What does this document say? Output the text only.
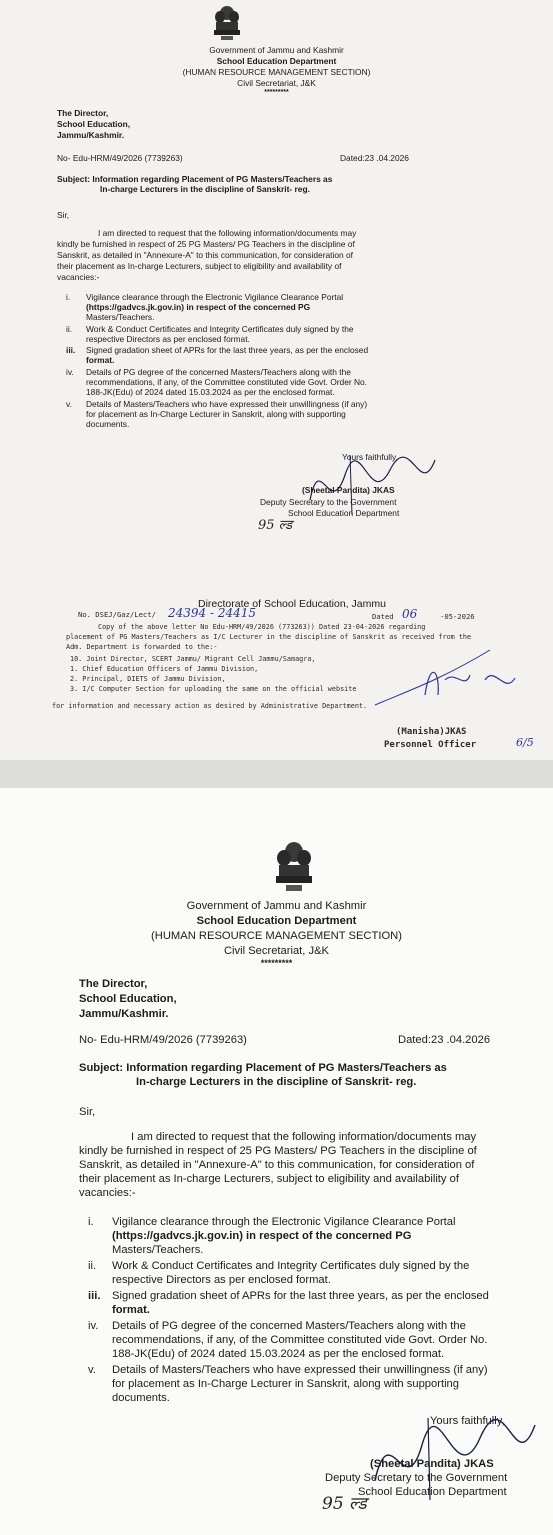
Government of Jammu and Kashmir
School Education Department
(HUMAN RESOURCE MANAGEMENT SECTION)
Civil Secretariat, J&K
*********
The Director,
School Education,
Jammu/Kashmir.
No- Edu-HRM/49/2026 (7739263)	Dated:23 .04.2026
Subject: Information regarding Placement of PG Masters/Teachers as
In-charge Lecturers in the discipline of Sanskrit- reg.
Sir,
I am directed to request that the following information/documents may
kindly be furnished in respect of 25 PG Masters/ PG Teachers in the discipline of
Sanskrit, as detailed in "Annexure-A" to this communication, for consideration of
their placement as In-charge Lecturers, subject to eligibility and availability of
vacancies:-
i. Vigilance clearance through the Electronic Vigilance Clearance Portal
(https://gadvcs.jk.gov.in) in respect of the concerned PG
Masters/Teachers.
ii. Work & Conduct Certificates and Integrity Certificates duly signed by the
respective Directors as per enclosed format.
iii. Signed gradation sheet of APRs for the last three years, as per the enclosed
format.
iv. Details of PG degree of the concerned Masters/Teachers along with the
recommendations, if any, of the Committee constituted vide Govt. Order No.
188-JK(Edu) of 2024 dated 15.03.2024 as per the enclosed format.
v. Details of Masters/Teachers who have expressed their unwillingness (if any)
for placement as In-Charge Lecturer in Sanskrit, along with supporting
documents.
Yours faithfully,
(Sheetal Pandita) JKAS
Deputy Secretary to the Government
School Education Department
95 ल्ड
Directorate of School Education, Jammu
No. DSEJ/Gaz/Lect/ 24394 - 24415	Dated 06	-05-2026
Copy of the above letter No Edu-HRM/49/2026 (773263)) Dated 23-04-2026 regarding
placement of PG Masters/Teachers as I/C Lecturer in the discipline of Sanskrit as received from the
Adm. Department is forwarded to the:-
10. Joint Director, SCERT Jammu/ Migrant Cell Jammu/Samagra,
1. Chief Education Officers of Jammu Division,
2. Principal, DIETS of Jammu Division,
3. I/C Computer Section for uploading the same on the official website
for information and necessary action as desired by Administrative Department.
(Manisha)JKAS
Personnel Officer	6/5
Government of Jammu and Kashmir
School Education Department
(HUMAN RESOURCE MANAGEMENT SECTION)
Civil Secretariat, J&K
*********
The Director,
School Education,
Jammu/Kashmir.
No- Edu-HRM/49/2026 (7739263)	Dated:23 .04.2026
Subject: Information regarding Placement of PG Masters/Teachers as
In-charge Lecturers in the discipline of Sanskrit- reg.
Sir,
I am directed to request that the following information/documents may
kindly be furnished in respect of 25 PG Masters/ PG Teachers in the discipline of
Sanskrit, as detailed in "Annexure-A" to this communication, for consideration of
their placement as In-charge Lecturers, subject to eligibility and availability of
vacancies:-
i. Vigilance clearance through the Electronic Vigilance Clearance Portal
(https://gadvcs.jk.gov.in) in respect of the concerned PG
Masters/Teachers.
ii. Work & Conduct Certificates and Integrity Certificates duly signed by the
respective Directors as per enclosed format.
iii. Signed gradation sheet of APRs for the last three years, as per the enclosed
format.
iv. Details of PG degree of the concerned Masters/Teachers along with the
recommendations, if any, of the Committee constituted vide Govt. Order No.
188-JK(Edu) of 2024 dated 15.03.2024 as per the enclosed format.
v. Details of Masters/Teachers who have expressed their unwillingness (if any)
for placement as In-Charge Lecturer in Sanskrit, along with supporting
documents.
Yours faithfully,
(Sheetal Pandita) JKAS
Deputy Secretary to the Government
School Education Department
95 ल्ड
